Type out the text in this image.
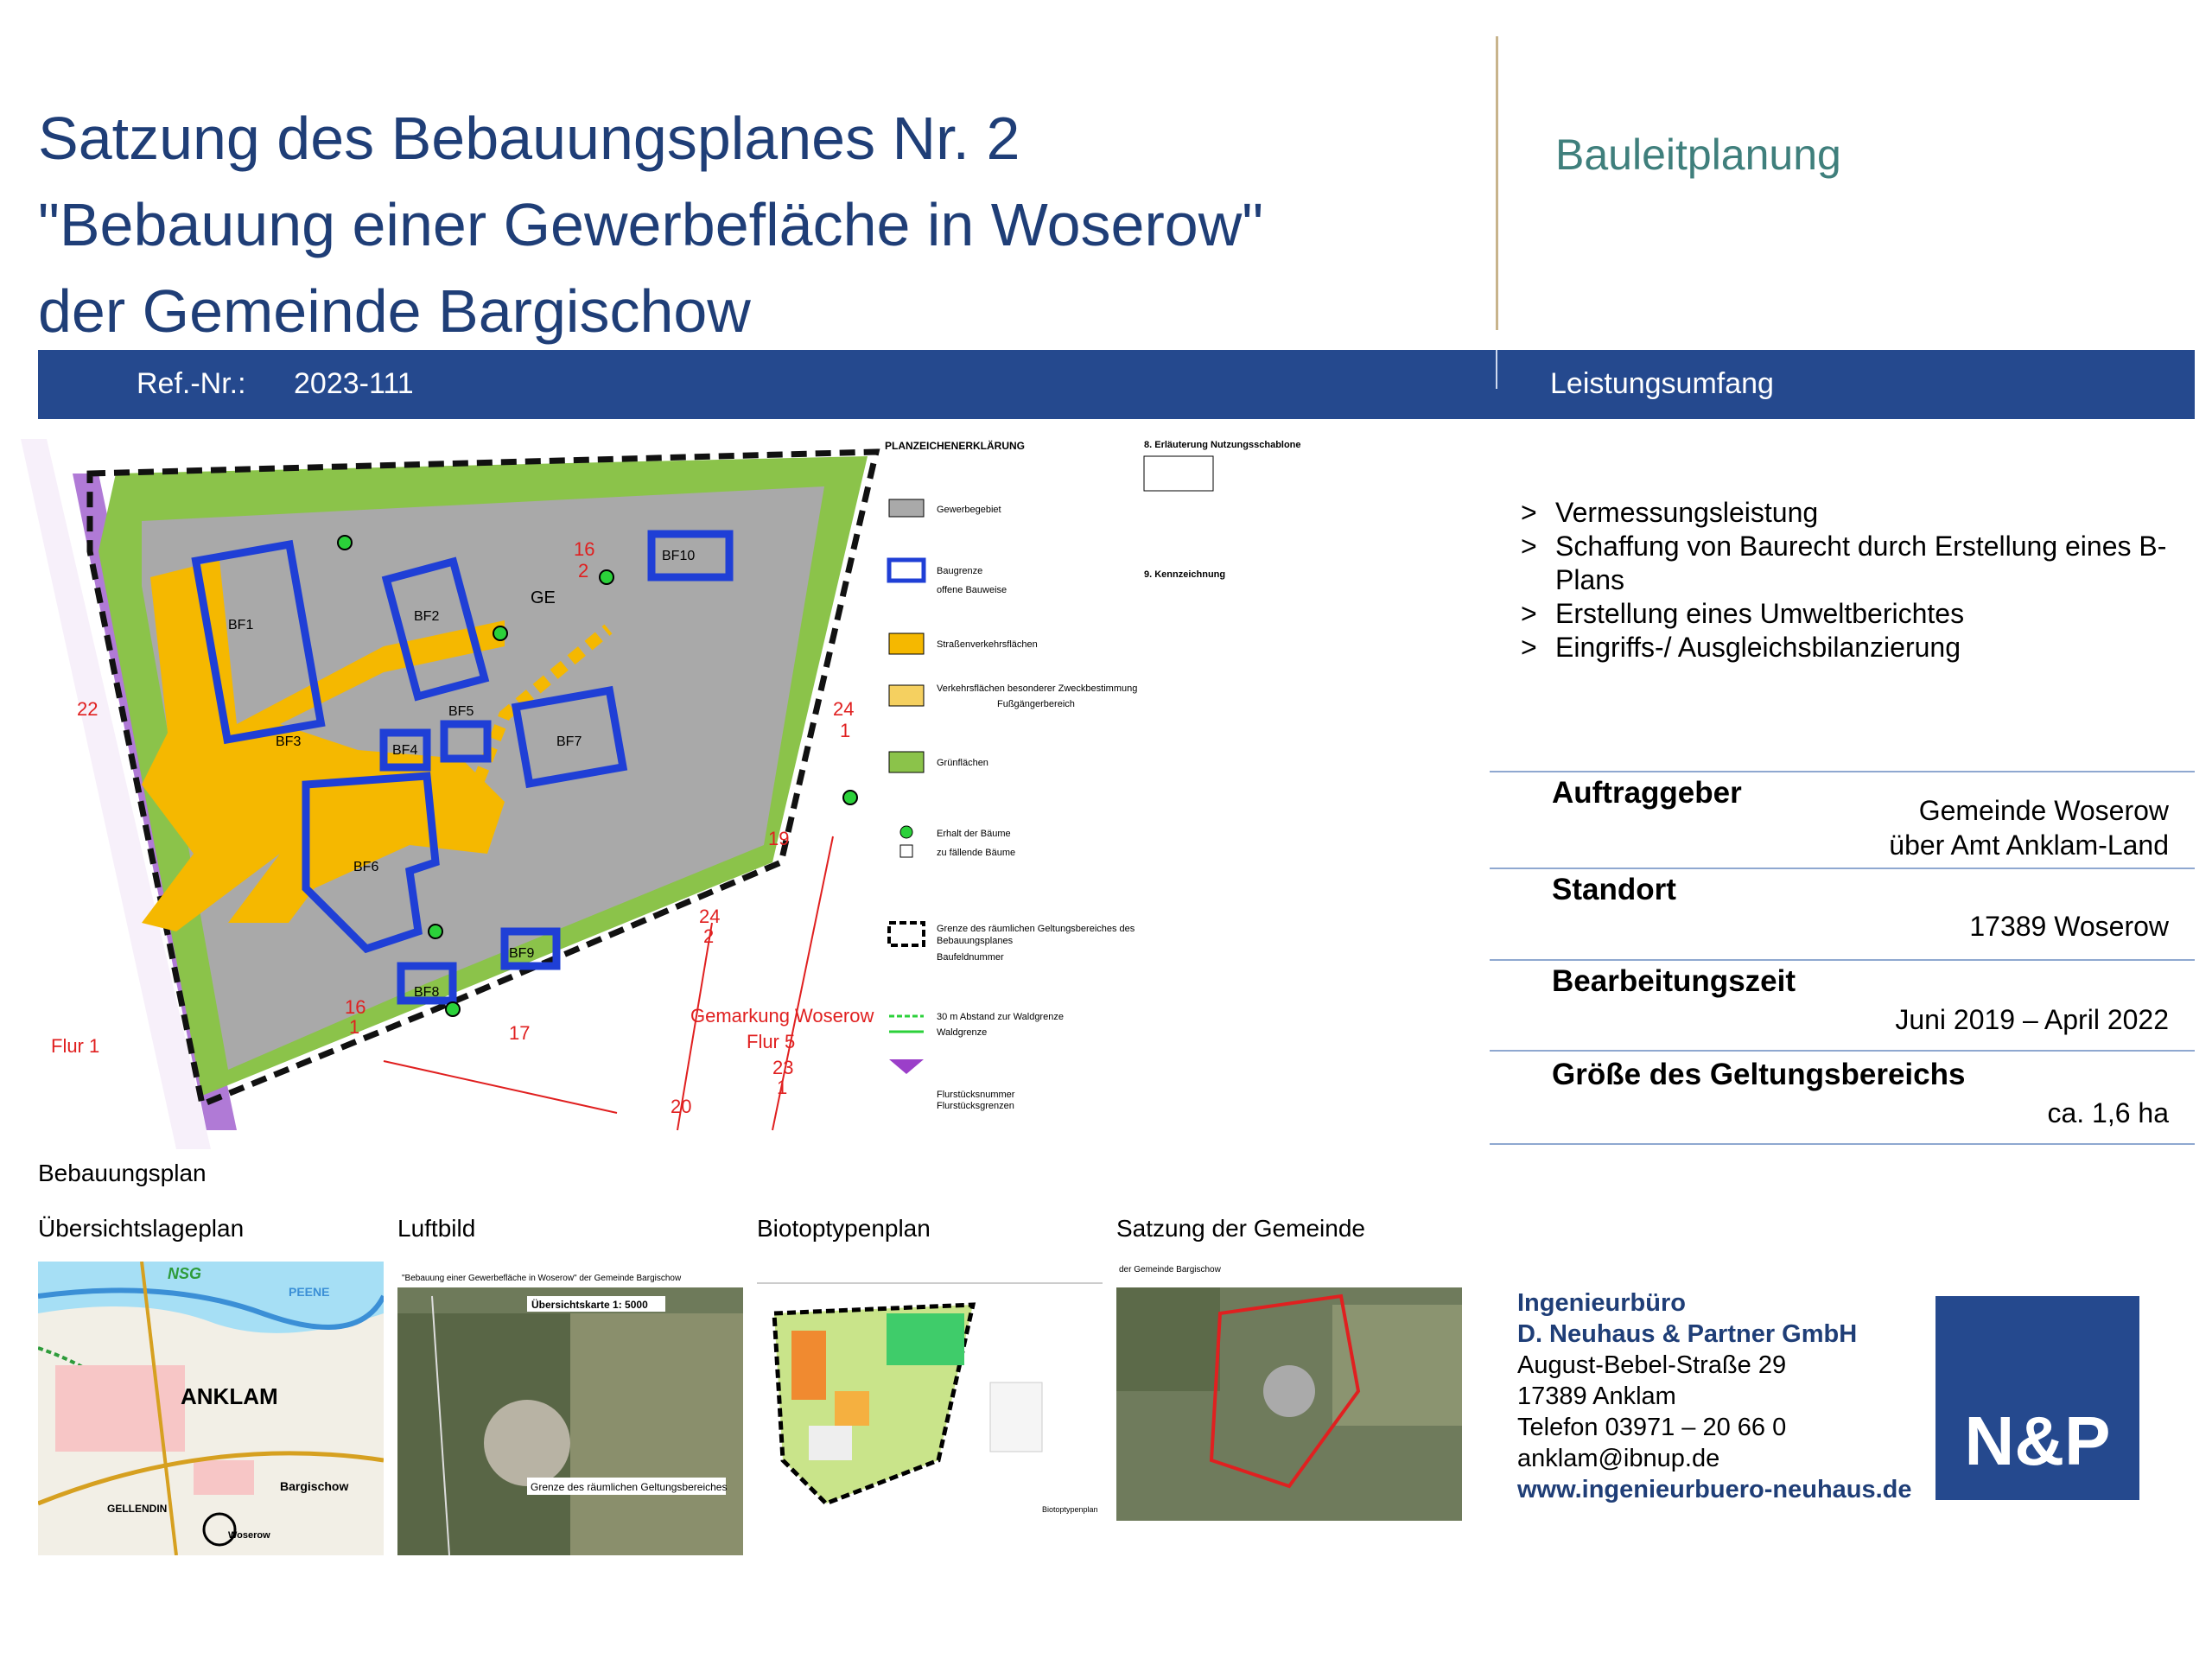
Satzung des Bebauungsplanes Nr. 2
"Bebauung einer Gewerbefläche in Woserow"
der Gemeinde Bargischow
Bauleitplanung
Ref.-Nr.: 2023-111	Leistungsumfang
BF1
BF2
BF3
BF4
BF5
BF6
BF7
BF8
BF9
BF10
GE
Flur 1
Gemarkung Woserow
Flur 5
16
2
24
1
24
2
16
1
23
1
17
19
20
22
PLANZEICHENERKLÄRUNG
Gewerbegebiet
Baugrenze
offene Bauweise
Straßenverkehrsflächen
Verkehrsflächen besonderer Zweckbestimmung
Fußgängerbereich
Grünflächen
Erhalt der Bäume
zu fällende Bäume
Grenze des räumlichen Geltungsbereiches des
Bebauungsplanes
Baufeldnummer
30 m Abstand zur Waldgrenze
Waldgrenze
Flurstücksnummer
Flurstücksgrenzen
8. Erläuterung Nutzungsschablone
9. Kennzeichnung
Bebauungsplan
> Vermessungsleistung
> Schaffung von Baurecht durch Erstellung eines B-Plans
> Erstellung eines Umweltberichtes
> Eingriffs-/ Ausgleichsbilanzierung
Auftraggeber
Gemeinde Woserow
über Amt Anklam-Land
Standort
17389 Woserow
Bearbeitungszeit
Juni 2019 – April 2022
Größe des Geltungsbereichs
ca. 1,6 ha
Übersichtslageplan	Luftbild	Biotoptypenplan	Satzung der Gemeinde
NSG
PEENE
ANKLAM
Bargischow
Woserow
GELLENDIN
"Bebauung einer Gewerbefläche in Woserow" der Gemeinde Bargischow
Übersichtskarte 1: 5000
Grenze des räumlichen Geltungsbereiches
Biotoptypenplan
der Gemeinde Bargischow
Ingenieurbüro
D. Neuhaus & Partner GmbH
August-Bebel-Straße 29
17389 Anklam
Telefon 03971 – 20 66 0
anklam@ibnup.de
www.ingenieurbuero-neuhaus.de
N&P
